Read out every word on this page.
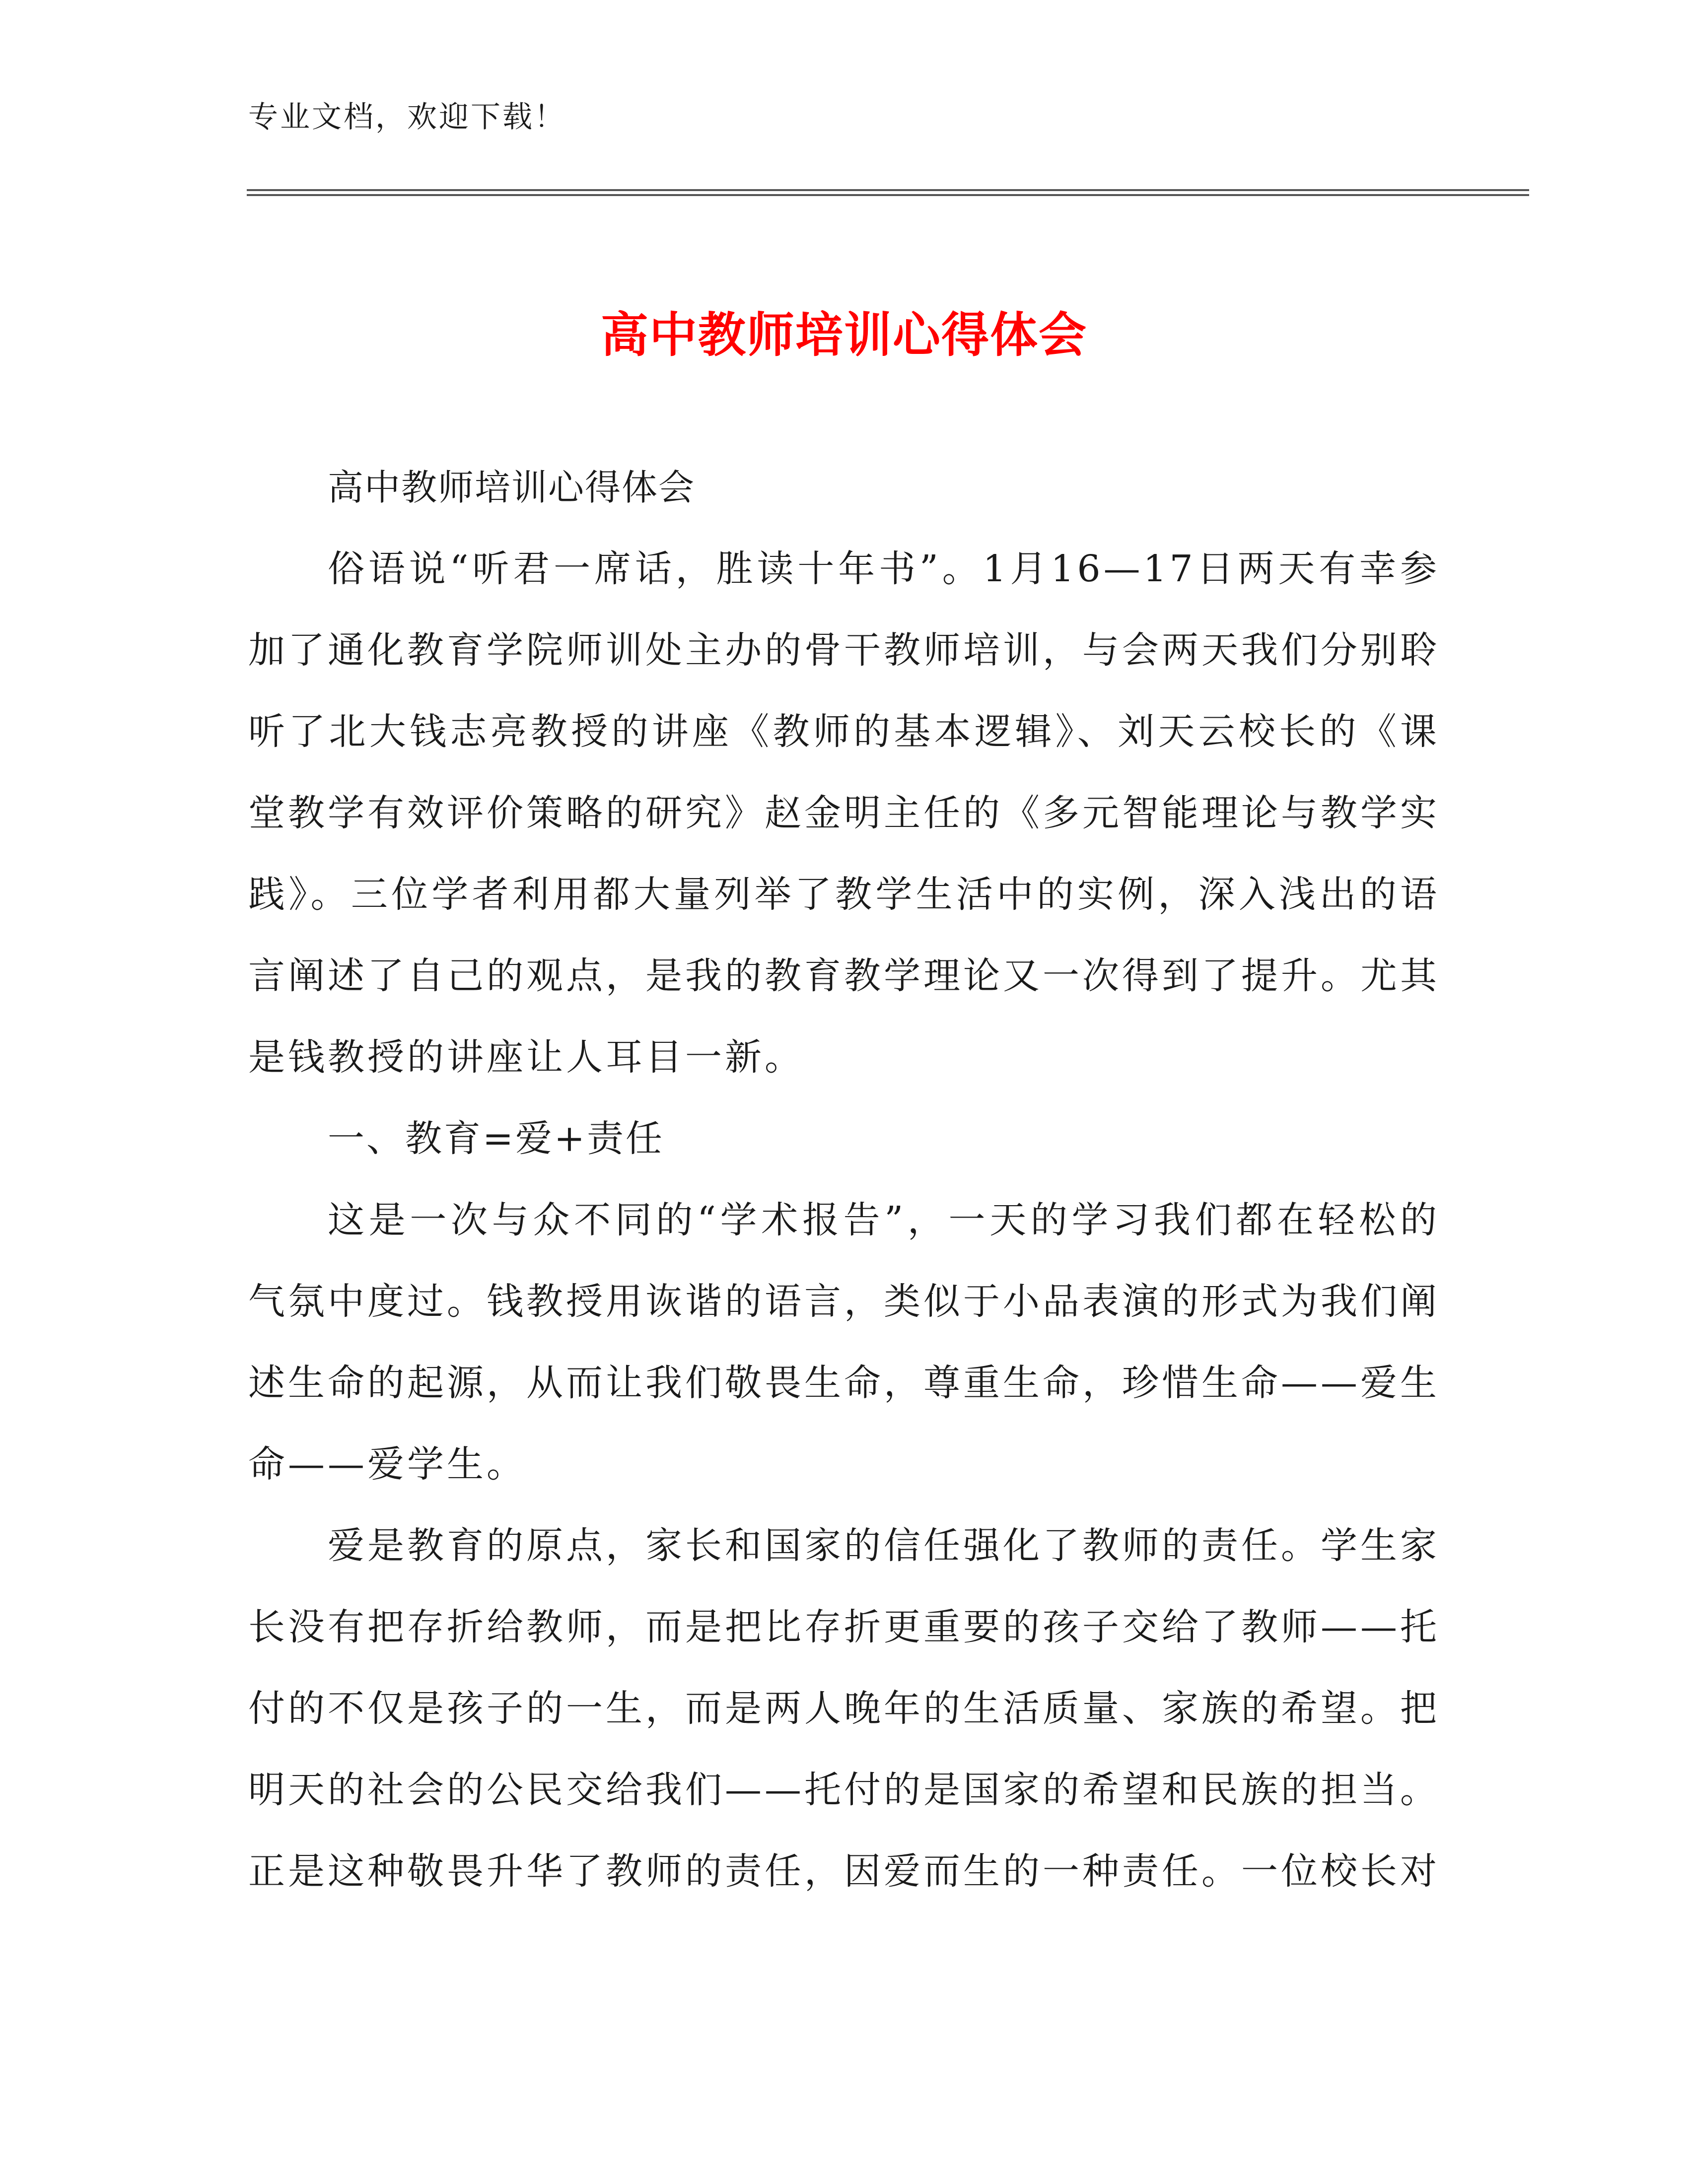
专业文档，欢迎下载！
高中教师培训心得体会

高中教师培训心得体会

俗语说“听君一席话，胜读十年书”。1月16—17日两天有幸参加了通化教育学院师训处主办的骨干教师培训，与会两天我们分别聆听了北大钱志亮教授的讲座《教师的基本逻辑》、刘天云校长的《课堂教学有效评价策略的研究》赵金明主任的《多元智能理论与教学实践》。三位学者利用都大量列举了教学生活中的实例，深入浅出的语言阐述了自己的观点，是我的教育教学理论又一次得到了提升。尤其是钱教授的讲座让人耳目一新。

一、教育=爱+责任

这是一次与众不同的“学术报告”，一天的学习我们都在轻松的气氛中度过。钱教授用诙谐的语言，类似于小品表演的形式为我们阐述生命的起源，从而让我们敬畏生命，尊重生命，珍惜生命——爱生命——爱学生。

爱是教育的原点，家长和国家的信任强化了教师的责任。学生家长没有把存折给教师，而是把比存折更重要的孩子交给了教师——托付的不仅是孩子的一生，而是两人晚年的生活质量、家族的希望。把明天的社会的公民交给我们——托付的是国家的希望和民族的担当。正是这种敬畏升华了教师的责任，因爱而生的一种责任。一位校长对
